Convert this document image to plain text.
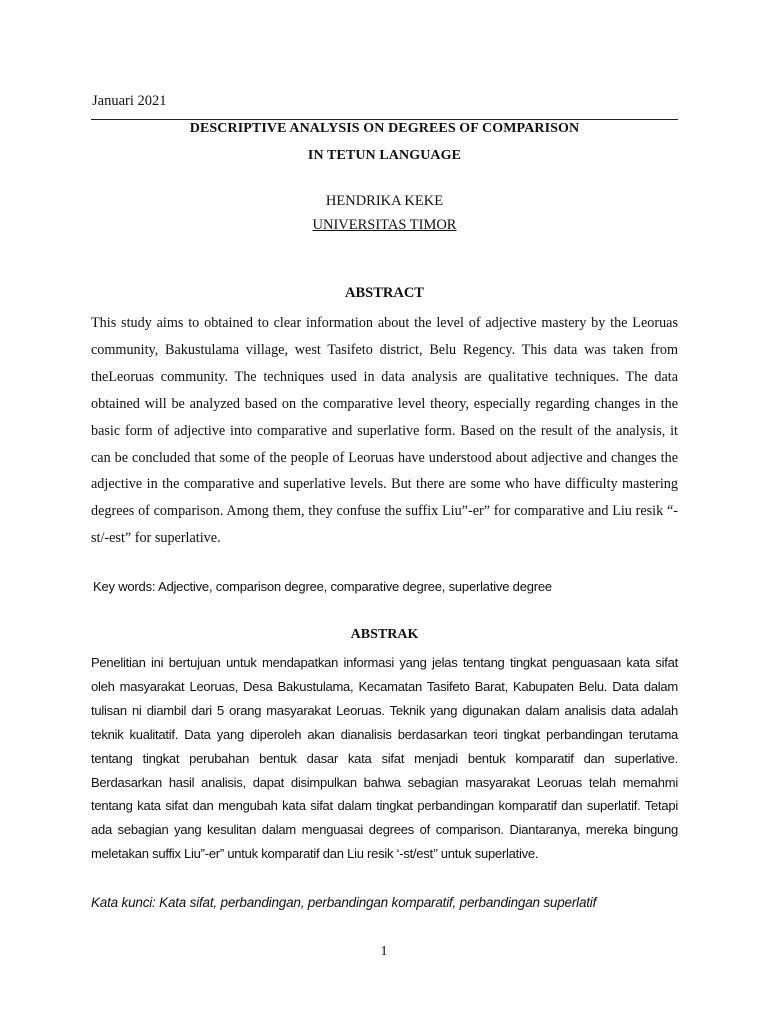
Januari 2021
DESCRIPTIVE ANALYSIS ON DEGREES OF COMPARISON
IN TETUN LANGUAGE
HENDRIKA KEKE
UNIVERSITAS TIMOR
ABSTRACT
This study aims to obtained to clear information about the level of adjective mastery by the Leoruas community, Bakustulama village, west Tasifeto district, Belu Regency. This data was taken from theLeoruas community. The techniques used in data analysis are qualitative techniques. The data obtained will be analyzed based on the comparative level theory, especially regarding changes in the basic form of adjective into comparative and superlative form. Based on the result of the analysis, it can be concluded that some of the people of Leoruas have understood about adjective and changes the adjective in the comparative and superlative levels. But there are some who have difficulty mastering degrees of comparison. Among them, they confuse the suffix Liu”-er” for comparative and Liu resik “-st/-est” for superlative.
Key words: Adjective, comparison degree, comparative degree, superlative degree
ABSTRAK
Penelitian ini bertujuan untuk mendapatkan informasi yang jelas tentang tingkat penguasaan kata sifat oleh masyarakat Leoruas, Desa Bakustulama, Kecamatan Tasifeto Barat, Kabupaten Belu. Data dalam tulisan ni diambil dari 5 orang masyarakat Leoruas. Teknik yang digunakan dalam analisis data adalah teknik kualitatif. Data yang diperoleh akan dianalisis berdasarkan teori tingkat perbandingan terutama tentang tingkat perubahan bentuk dasar kata sifat menjadi bentuk komparatif dan superlative. Berdasarkan hasil analisis, dapat disimpulkan bahwa sebagian masyarakat Leoruas telah memahmi tentang kata sifat dan mengubah kata sifat dalam tingkat perbandingan komparatif dan superlatif. Tetapi ada sebagian yang kesulitan dalam menguasai degrees of comparison. Diantaranya, mereka bingung meletakan suffix Liu”-er” untuk komparatif dan Liu resik ‘-st/est’’ untuk superlative.
Kata kunci: Kata sifat, perbandingan, perbandingan komparatif, perbandingan superlatif
1
